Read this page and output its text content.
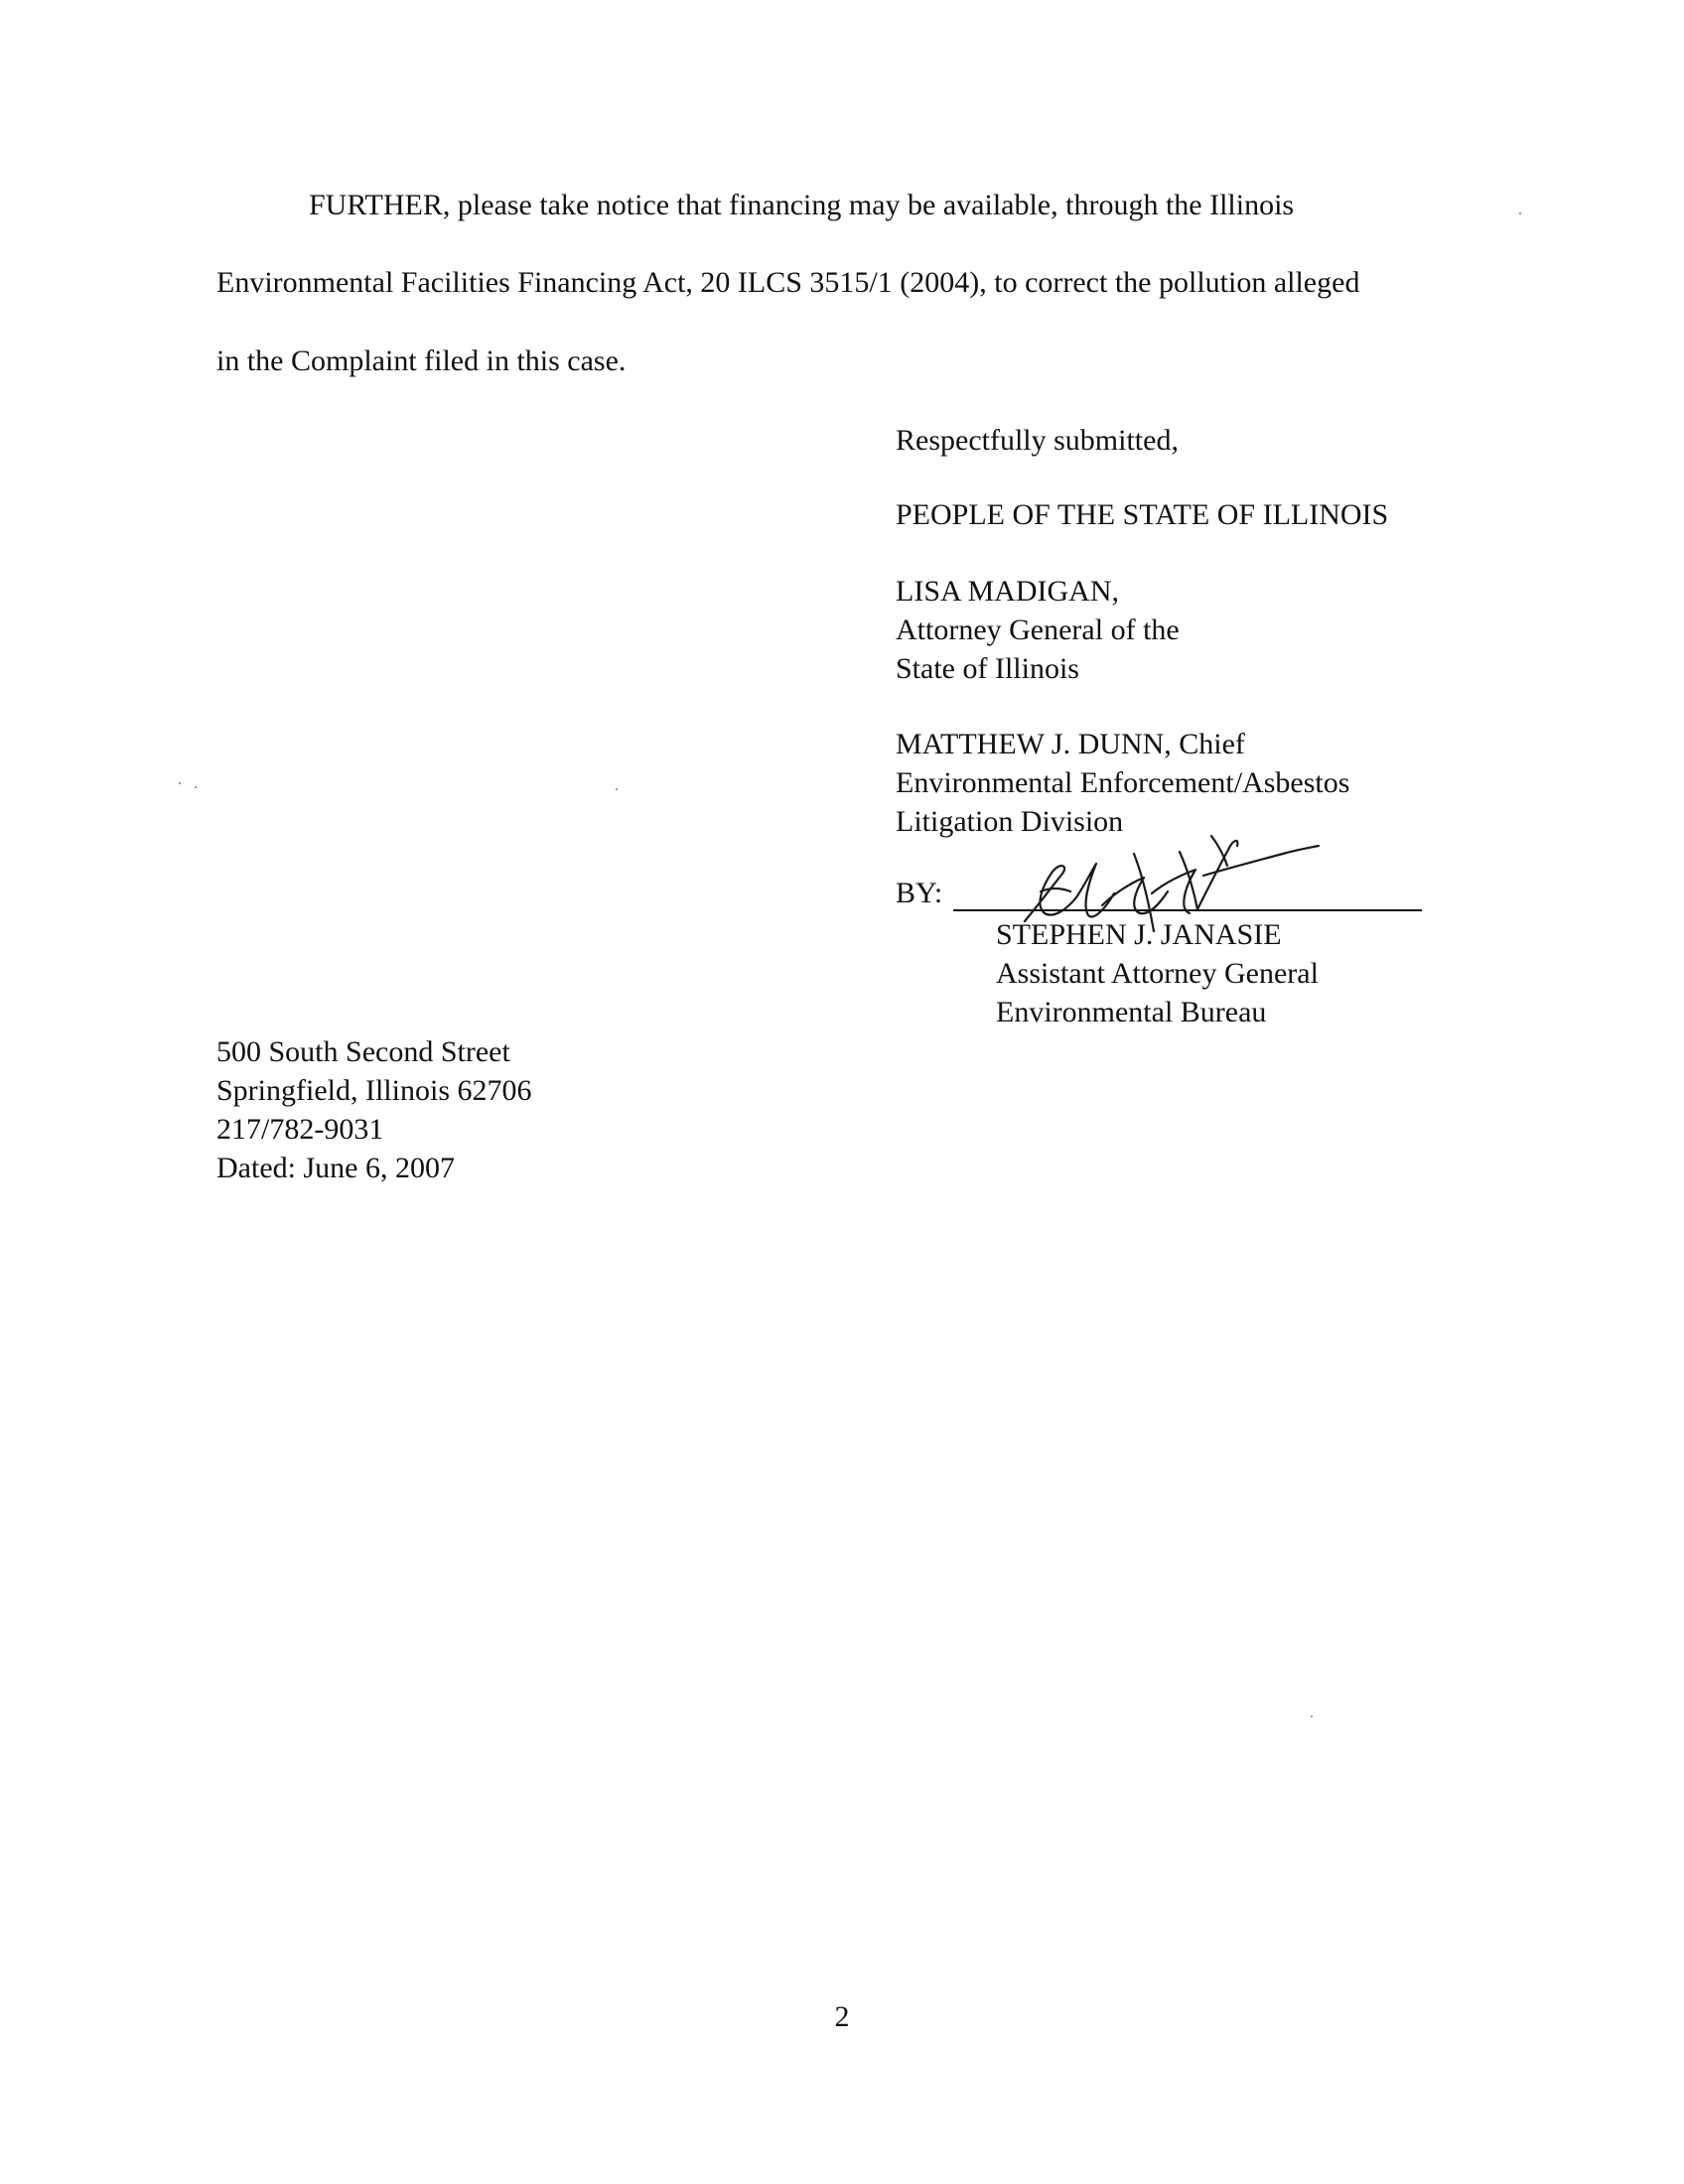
FURTHER, please take notice that financing may be available, through the Illinois

Environmental Facilities Financing Act, 20 ILCS 3515/1 (2004), to correct the pollution alleged

in the Complaint filed in this case.

Respectfully submitted,
PEOPLE OF THE STATE OF ILLINOIS
LISA MADIGAN,
Attorney General of the
State of Illinois
MATTHEW J. DUNN, Chief
Environmental Enforcement/Asbestos
Litigation Division
BY:
STEPHEN J. JANASIE
Assistant Attorney General
Environmental Bureau
500 South Second Street
Springfield, Illinois 62706
217/782-9031
Dated: June 6, 2007
2
